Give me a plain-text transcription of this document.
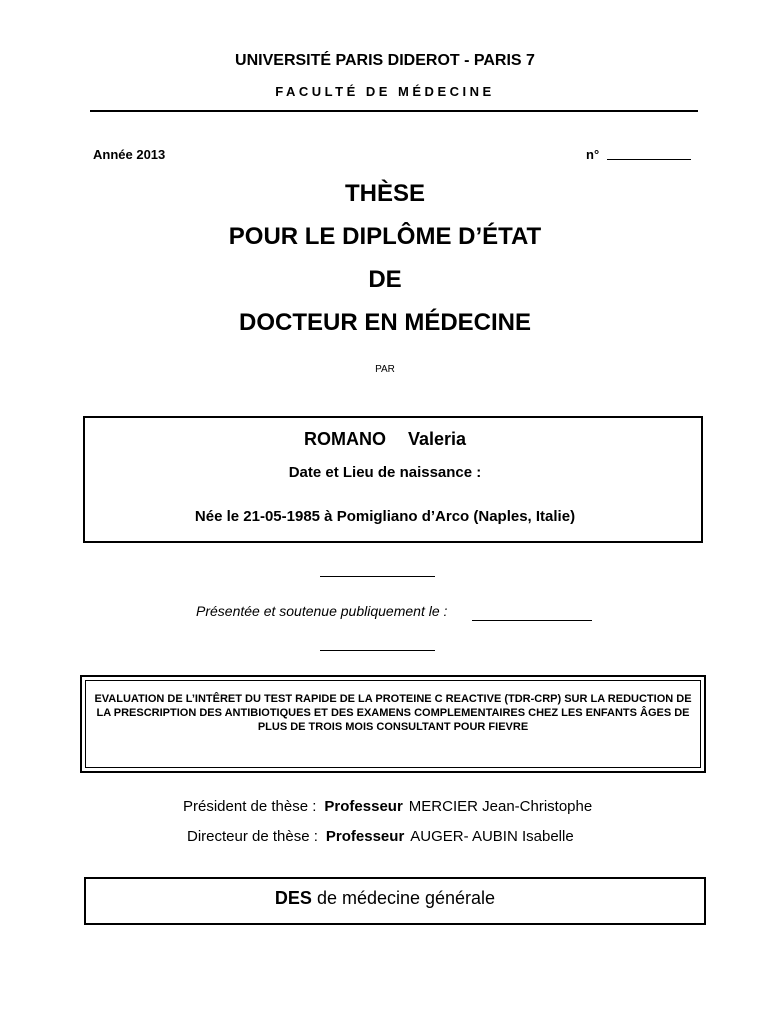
UNIVERSITÉ PARIS DIDEROT - PARIS 7
FACULTÉ DE MÉDECINE
Année 2013	n°
THÈSE
POUR LE DIPLÔME D’ÉTAT
DE
DOCTEUR EN MÉDECINE
PAR
ROMANO Valeria
Date et Lieu de naissance :
Née le 21-05-1985 à Pomigliano d’Arco (Naples, Italie)
Présentée et soutenue publiquement le :
EVALUATION DE L’INTÊRET DU TEST RAPIDE DE LA PROTEINE C REACTIVE (TDR-CRP) SUR LA REDUCTION DE LA PRESCRIPTION DES ANTIBIOTIQUES ET DES EXAMENS COMPLEMENTAIRES CHEZ LES ENFANTS ÂGES DE PLUS DE TROIS MOIS CONSULTANT POUR FIEVRE
Président de thèse : Professeur MERCIER Jean-Christophe
Directeur de thèse : Professeur AUGER- AUBIN Isabelle
DES de médecine générale
